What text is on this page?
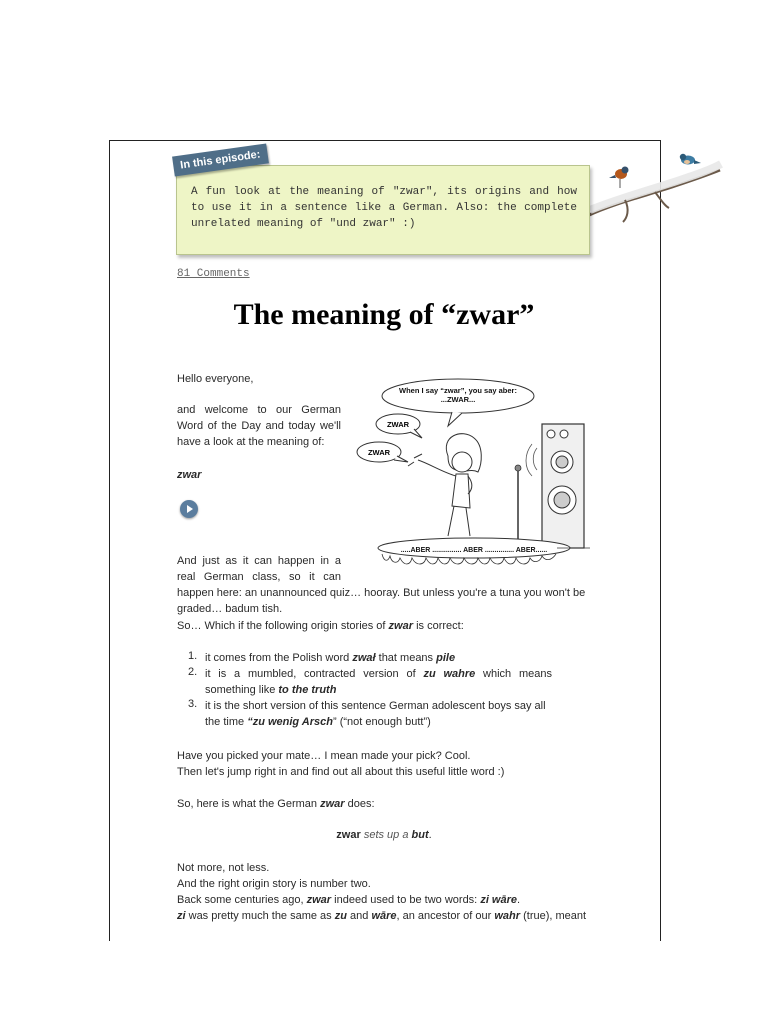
In this episode:
A fun look at the meaning of "zwar", its origins and how to use it in a sentence like a German. Also: the complete unrelated meaning of "und zwar" :)
81 Comments
The meaning of “zwar”
Hello everyone,
and welcome to our German
Word of the Day and today we'll
have a look at the meaning of:
zwar
When I say “zwar”, you say aber:
...ZWAR...
ZWAR
ZWAR
.....ABER ............... ABER ............... ABER......
And just as it can happen in a
real German class, so it can
happen here: an unannounced quiz… hooray. But unless you're a tuna you won't be
graded… badum tish.
So… Which if the following origin stories of zwar is correct:
1. it comes from the Polish word zwał that means pile
2. it is a mumbled, contracted version of zu wahre which means
something like to the truth
3. it is the short version of this sentence German adolescent boys say all
the time “zu wenig Arsch” (“not enough butt”)
Have you picked your mate… I mean made your pick? Cool.
Then let's jump right in and find out all about this useful little word :)
So, here is what the German zwar does:
zwar sets up a but.
Not more, not less.
And the right origin story is number two.
Back some centuries ago, zwar indeed used to be two words: zi wāre.
zi was pretty much the same as zu and wāre, an ancestor of our wahr (true), meant
